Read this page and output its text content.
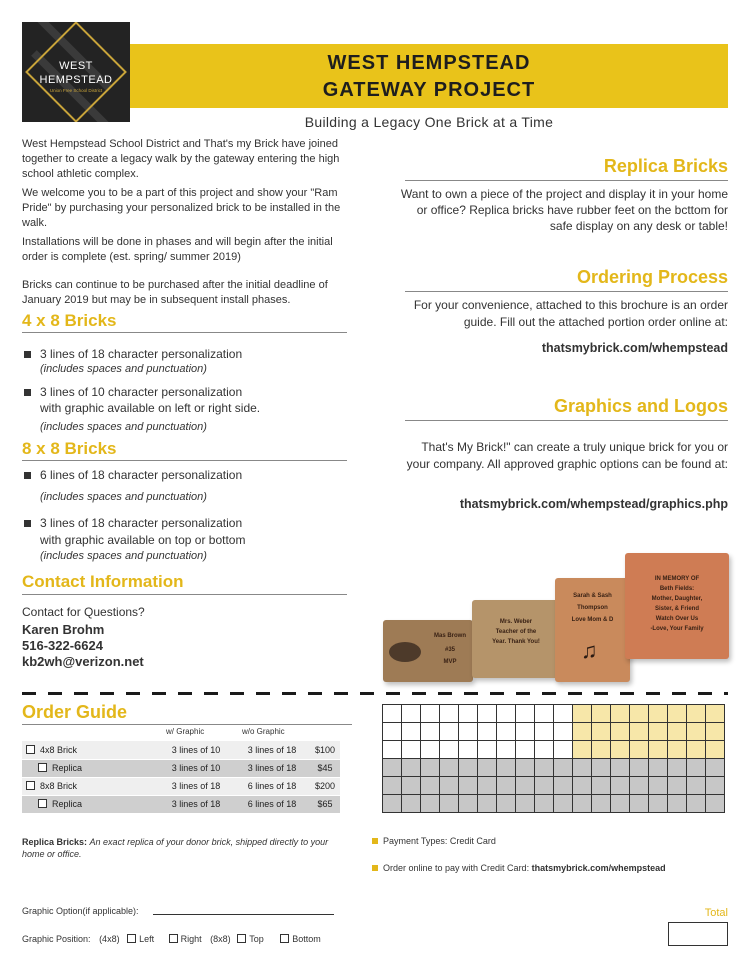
WEST
HEMPSTEAD
Union Free School District
WEST HEMPSTEAD
GATEWAY PROJECT
Building a Legacy One Brick at a Time
West Hempstead School District and That's my Brick have joined together to create a legacy walk by the gateway entering the high school athletic complex.
We welcome you to be a part of this project and show your "Ram Pride" by purchasing your personalized brick to be installed in the walk.
Installations will be done in phases and will begin after the initial order is complete (est. spring/ summer 2019)
Bricks can continue to be purchased after the initial deadline of January 2019 but may be in subsequent install phases.
4 x 8 Bricks
3 lines of 18 character personalization
(includes spaces and punctuation)
3 lines of 10 character personalization
with graphic available on left or right side.
(includes spaces and punctuation)
8 x 8 Bricks
6 lines of 18 character personalization
(includes spaces and punctuation)
3 lines of 18 character personalization
with graphic available on top or bottom
(includes spaces and punctuation)
Contact Information
Contact for Questions?
Karen Brohm
516-322-6624
kb2wh@verizon.net
Replica Bricks
Want to own a piece of the project and display it in your home
or office? Replica bricks have rubber feet on the bcttom for
safe display on any desk or table!
Ordering Process
For your convenience, attached to this brochure is an order
guide. Fill out the attached portion order online at:
thatsmybrick.com/whempstead
Graphics and Logos
That's My Brick!" can create a truly unique brick for you or
your company. All approved graphic options can be found at:
thatsmybrick.com/whempstead/graphics.php
Mas Brown
#35
MVP
Mrs. Weber
Teacher of the
Year. Thank You!
Sarah & Sash
Thompson
Love Mom & D
♫
IN MEMORY OF
Beth Fields:
Mother, Daughter,
Sister, & Friend
Watch Over Us
-Love, Your Family
Order Guide
w/ Graphic	w/o Graphic
4x8 Brick	3 lines of 10	3 lines of 18	$100
Replica	3 lines of 10	3 lines of 18	$45
8x8 Brick	3 lines of 18	6 lines of 18	$200
Replica	3 lines of 18	6 lines of 18	$65
Replica Bricks: An exact replica of your donor brick, shipped directly to your home or office.
Payment Types: Credit Card
Order online to pay with Credit Card: thatsmybrick.com/whempstead
Graphic Option(if applicable):
Graphic Position: (4x8) Left	Right (8x8) Top	Bottom
Total
